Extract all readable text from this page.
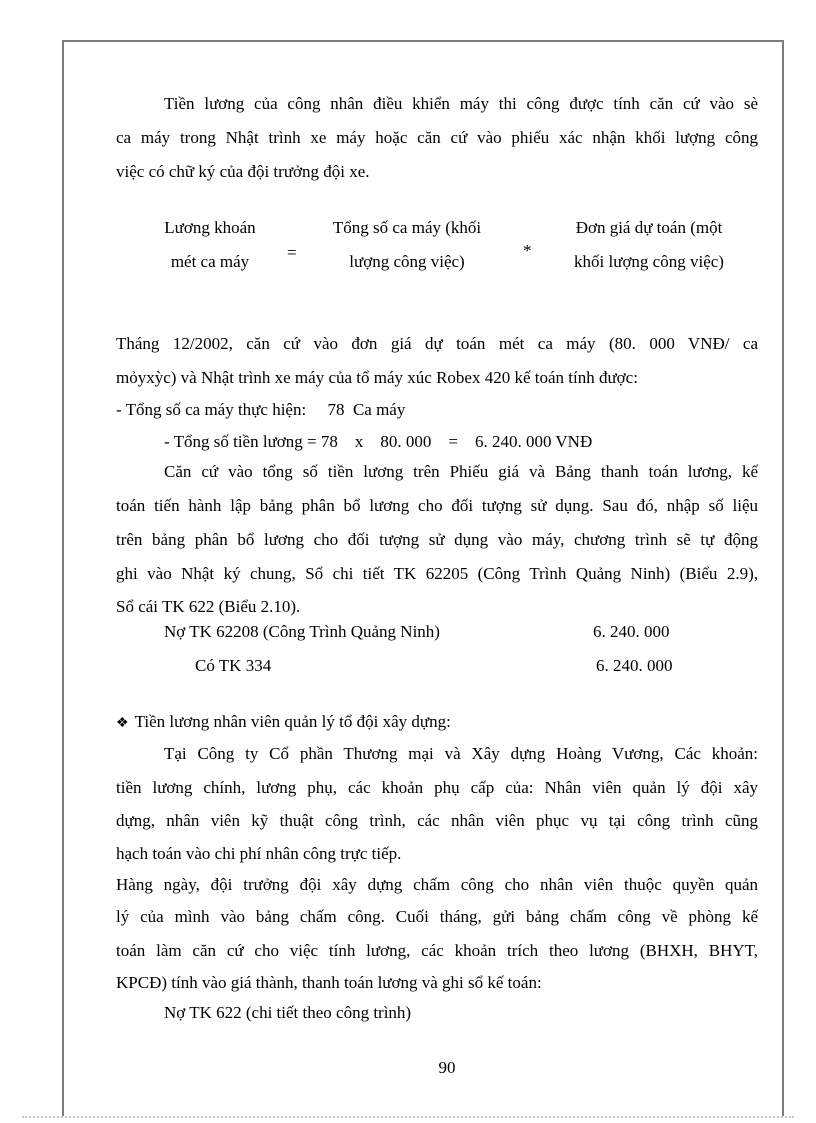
Tiền lương của công nhân điều khiển máy thi công được tính căn cứ vào sè
ca máy trong Nhật trình xe máy hoặc căn cứ vào phiếu xác nhận khối lượng công
việc có chữ ký của đội trưởng đội xe.
Lương khoán
mét ca máy	=
Tổng số ca máy (khối
lượng công việc)
*
Đơn giá dự toán (một
khối lượng công việc)
Tháng 12/2002, căn cứ vào đơn giá dự toán mét ca máy (80. 000 VNĐ/ ca
mỏyxỳc) và Nhật trình xe máy của tổ máy xúc Robex 420 kế toán tính được:
- Tổng số ca máy thực hiện:     78  Ca máy
- Tổng số tiền lương = 78    x    80. 000    =    6. 240. 000 VNĐ
Căn cứ vào tổng số tiền lương trên Phiếu giá và Bảng thanh toán lương, kế
toán tiến hành lập bảng phân bổ lương cho đối tượng sử dụng. Sau đó, nhập số liệu
trên bảng phân bổ lương cho đối tượng sử dụng vào máy, chương trình sẽ tự động
ghi vào Nhật ký chung, Sổ chi tiết TK 62205 (Công Trình Quảng Ninh) (Biểu 2.9),
Sổ cái TK 622 (Biểu 2.10).
Nợ TK 62208 (Công Trình Quảng Ninh)	6. 240. 000
Có TK 334	6. 240. 000
❖ Tiền lương nhân viên quản lý tổ đội xây dựng:
Tại Công ty Cổ phần Thương mại và Xây dựng Hoàng Vương, Các khoản:
tiền lương chính, lương phụ, các khoản phụ cấp của: Nhân viên quản lý đội xây
dựng, nhân viên kỹ thuật công trình, các nhân viên phục vụ tại công trình cũng
hạch toán vào chi phí nhân công trực tiếp.
Hàng ngày, đội trưởng đội xây dựng chấm công cho nhân viên thuộc quyền quản
lý của mình vào bảng chấm công. Cuối tháng, gửi bảng chấm công về phòng kế
toán làm căn cứ cho việc tính lương, các khoản trích theo lương (BHXH, BHYT,
KPCĐ) tính vào giá thành, thanh toán lương và ghi sổ kế toán:
Nợ TK 622 (chi tiết theo công trình)
90
